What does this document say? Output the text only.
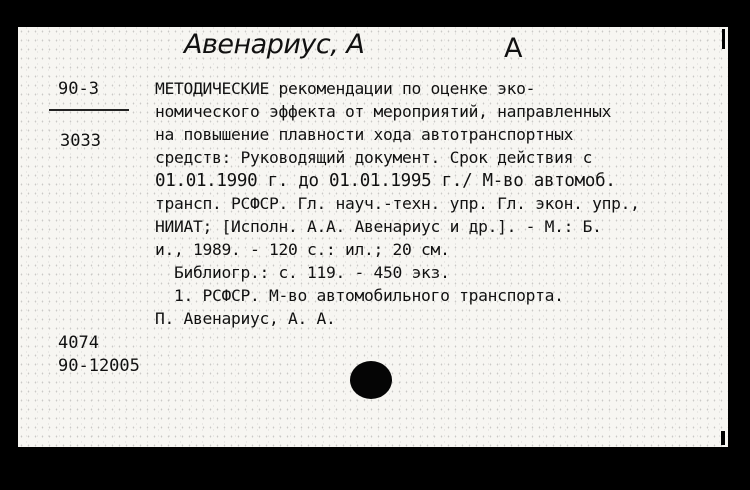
Авенариус, А	А
90-3
3033
МЕТОДИЧЕСКИЕ рекомендации по оценке эко-
номического эффекта от мероприятий, направленных
на повышение плавности хода автотранспортных
средств: Руководящий документ. Срок действия с
01.01.1990 г. до 01.01.1995 г./ М-во автомоб.
трансп. РСФСР. Гл. науч.-техн. упр. Гл. экон. упр.,
НИИАТ; [Исполн. А.А. Авенариус и др.]. - М.: Б.
и., 1989. - 120 с.: ил.; 20 см.
Библиогр.: с. 119. - 450 экз.
1. РСФСР. М-во автомобильного транспорта.
П. Авенариус, А. А.
4074
90-12005
